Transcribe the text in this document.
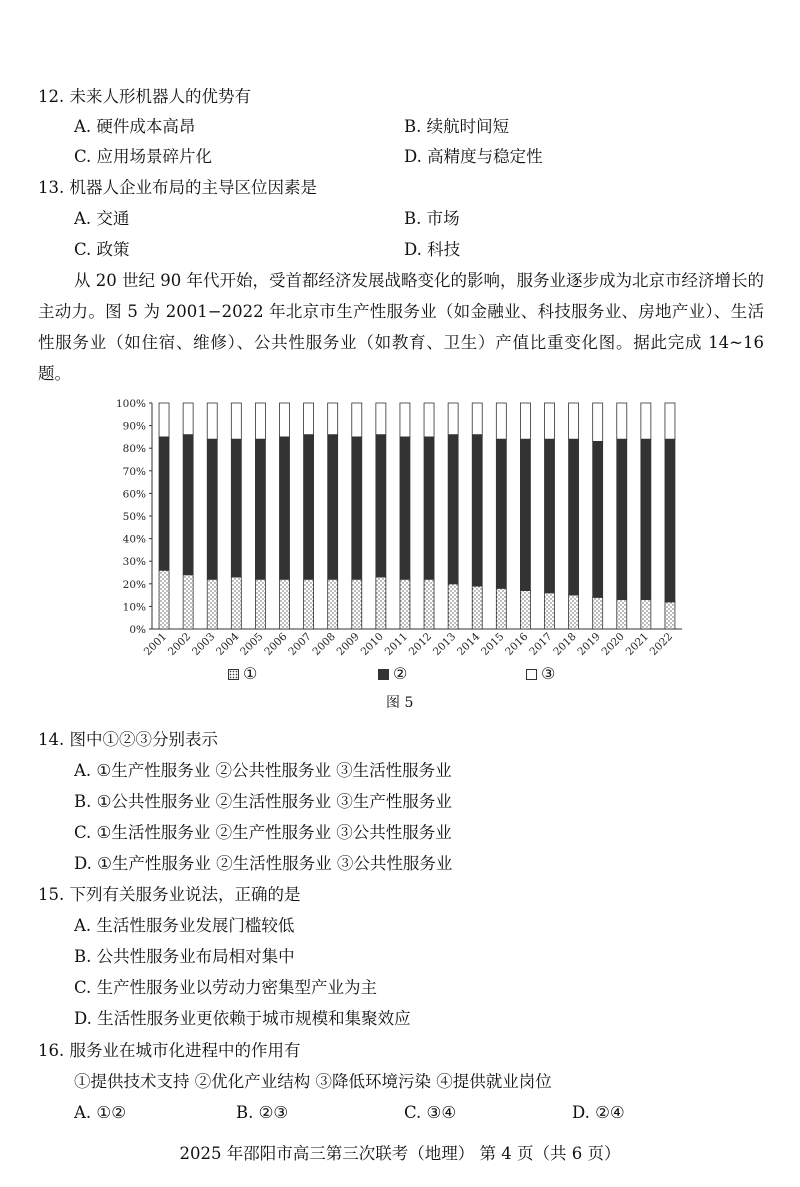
12. 未来人形机器人的优势有
A. 硬件成本高昂	B. 续航时间短
C. 应用场景碎片化	D. 高精度与稳定性
13. 机器人企业布局的主导区位因素是
A. 交通	B. 市场
C. 政策	D. 科技
从 20 世纪 90 年代开始，受首都经济发展战略变化的影响，服务业逐步成为北京市经济增长的主动力。图 5 为 2001−2022 年北京市生产性服务业（如金融业、科技服务业、房地产业）、生活性服务业（如住宿、维修）、公共性服务业（如教育、卫生）产值比重变化图。据此完成 14~16 题。
0%
10%
20%
30%
40%
50%
60%
70%
80%
90%
100%
2001
2002
2003
2004
2005
2006
2007
2008
2009
2010
2011
2012
2013
2014
2015
2016
2017
2018
2019
2020
2021
2022
①	②	③
图 5
14. 图中①②③分别表示
A. ①生产性服务业 ②公共性服务业 ③生活性服务业
B. ①公共性服务业 ②生活性服务业 ③生产性服务业
C. ①生活性服务业 ②生产性服务业 ③公共性服务业
D. ①生产性服务业 ②生活性服务业 ③公共性服务业
15. 下列有关服务业说法，正确的是
A. 生活性服务业发展门槛较低
B. 公共性服务业布局相对集中
C. 生产性服务业以劳动力密集型产业为主
D. 生活性服务业更依赖于城市规模和集聚效应
16. 服务业在城市化进程中的作用有
①提供技术支持 ②优化产业结构 ③降低环境污染 ④提供就业岗位
A. ①②	B. ②③	C. ③④	D. ②④
2025 年邵阳市高三第三次联考（地理） 第 4 页（共 6 页）
